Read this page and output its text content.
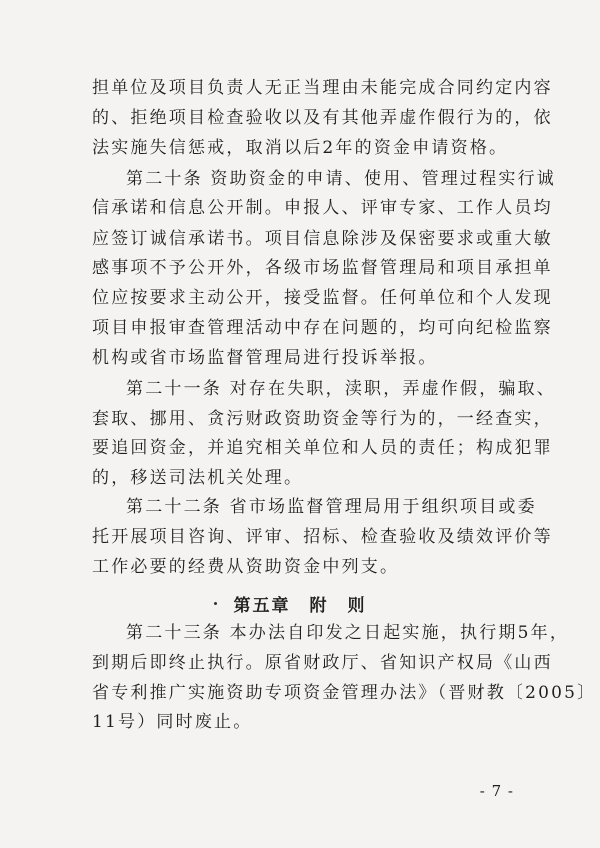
担单位及项目负责人无正当理由未能完成合同约定内容
的、拒绝项目检查验收以及有其他弄虚作假行为的，依
法实施失信惩戒，取消以后2年的资金申请资格。
第二十条 资助资金的申请、使用、管理过程实行诚
信承诺和信息公开制。申报人、评审专家、工作人员均
应签订诚信承诺书。项目信息除涉及保密要求或重大敏
感事项不予公开外，各级市场监督管理局和项目承担单
位应按要求主动公开，接受监督。任何单位和个人发现
项目申报审查管理活动中存在问题的，均可向纪检监察
机构或省市场监督管理局进行投诉举报。
第二十一条 对存在失职，渎职，弄虚作假，骗取、
套取、挪用、贪污财政资助资金等行为的，一经查实，
要追回资金，并追究相关单位和人员的责任；构成犯罪
的，移送司法机关处理。
第二十二条 省市场监督管理局用于组织项目或委
第五章　附　则
托开展项目咨询、评审、招标、检查验收及绩效评价等
工作必要的经费从资助资金中列支。
第二十三条 本办法自印发之日起实施，执行期5年，
到期后即终止执行。原省财政厅、省知识产权局《山西
省专利推广实施资助专项资金管理办法》（晋财教〔2005〕
11号）同时废止。
- 7 -
